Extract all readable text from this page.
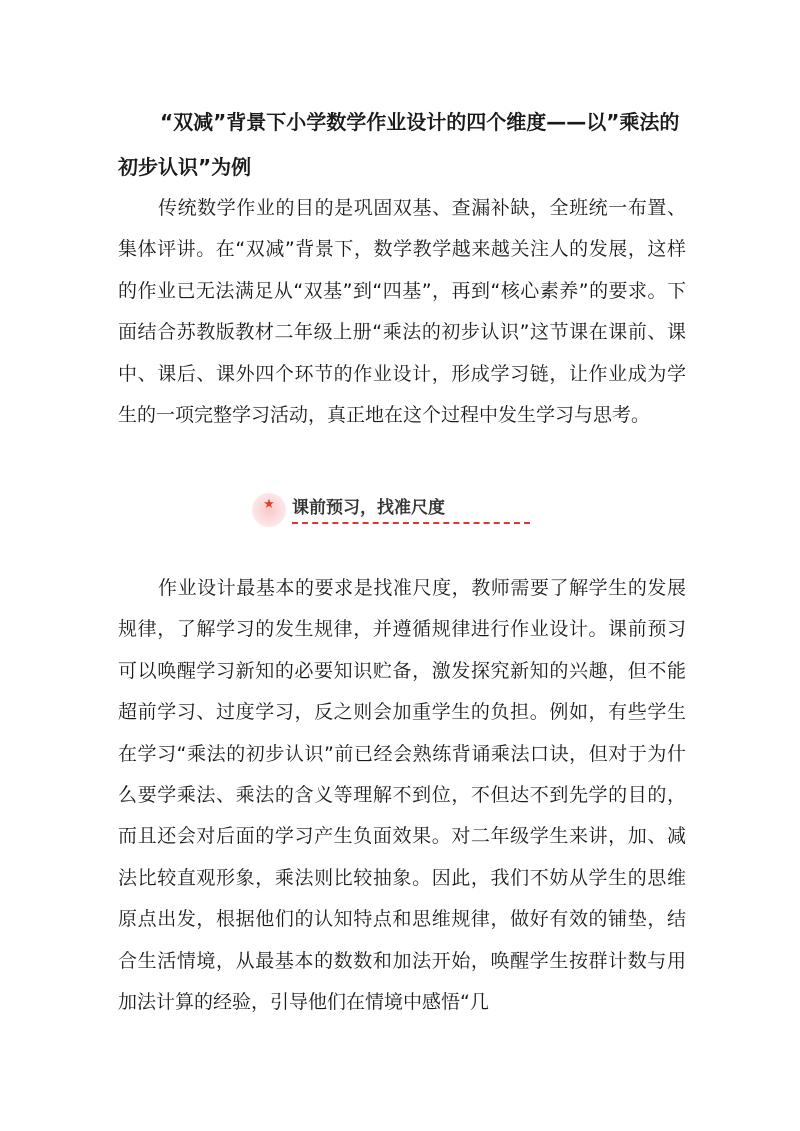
“双减”背景下小学数学作业设计的四个维度——以”乘法的初步认识”为例

传统数学作业的目的是巩固双基、查漏补缺，全班统一布置、集体评讲。在“双减”背景下，数学教学越来越关注人的发展，这样的作业已无法满足从“双基”到“四基”，再到“核心素养”的要求。下面结合苏教版教材二年级上册“乘法的初步认识”这节课在课前、课中、课后、课外四个环节的作业设计，形成学习链，让作业成为学生的一项完整学习活动，真正地在这个过程中发生学习与思考。

★	课前预习，找准尺度

作业设计最基本的要求是找准尺度，教师需要了解学生的发展规律，了解学习的发生规律，并遵循规律进行作业设计。课前预习可以唤醒学习新知的必要知识贮备，激发探究新知的兴趣，但不能超前学习、过度学习，反之则会加重学生的负担。例如，有些学生在学习“乘法的初步认识”前已经会熟练背诵乘法口诀，但对于为什么要学乘法、乘法的含义等理解不到位，不但达不到先学的目的，而且还会对后面的学习产生负面效果。对二年级学生来讲，加、减法比较直观形象，乘法则比较抽象。因此，我们不妨从学生的思维原点出发，根据他们的认知特点和思维规律，做好有效的铺垫，结合生活情境，从最基本的数数和加法开始，唤醒学生按群计数与用加法计算的经验，引导他们在情境中感悟“几
